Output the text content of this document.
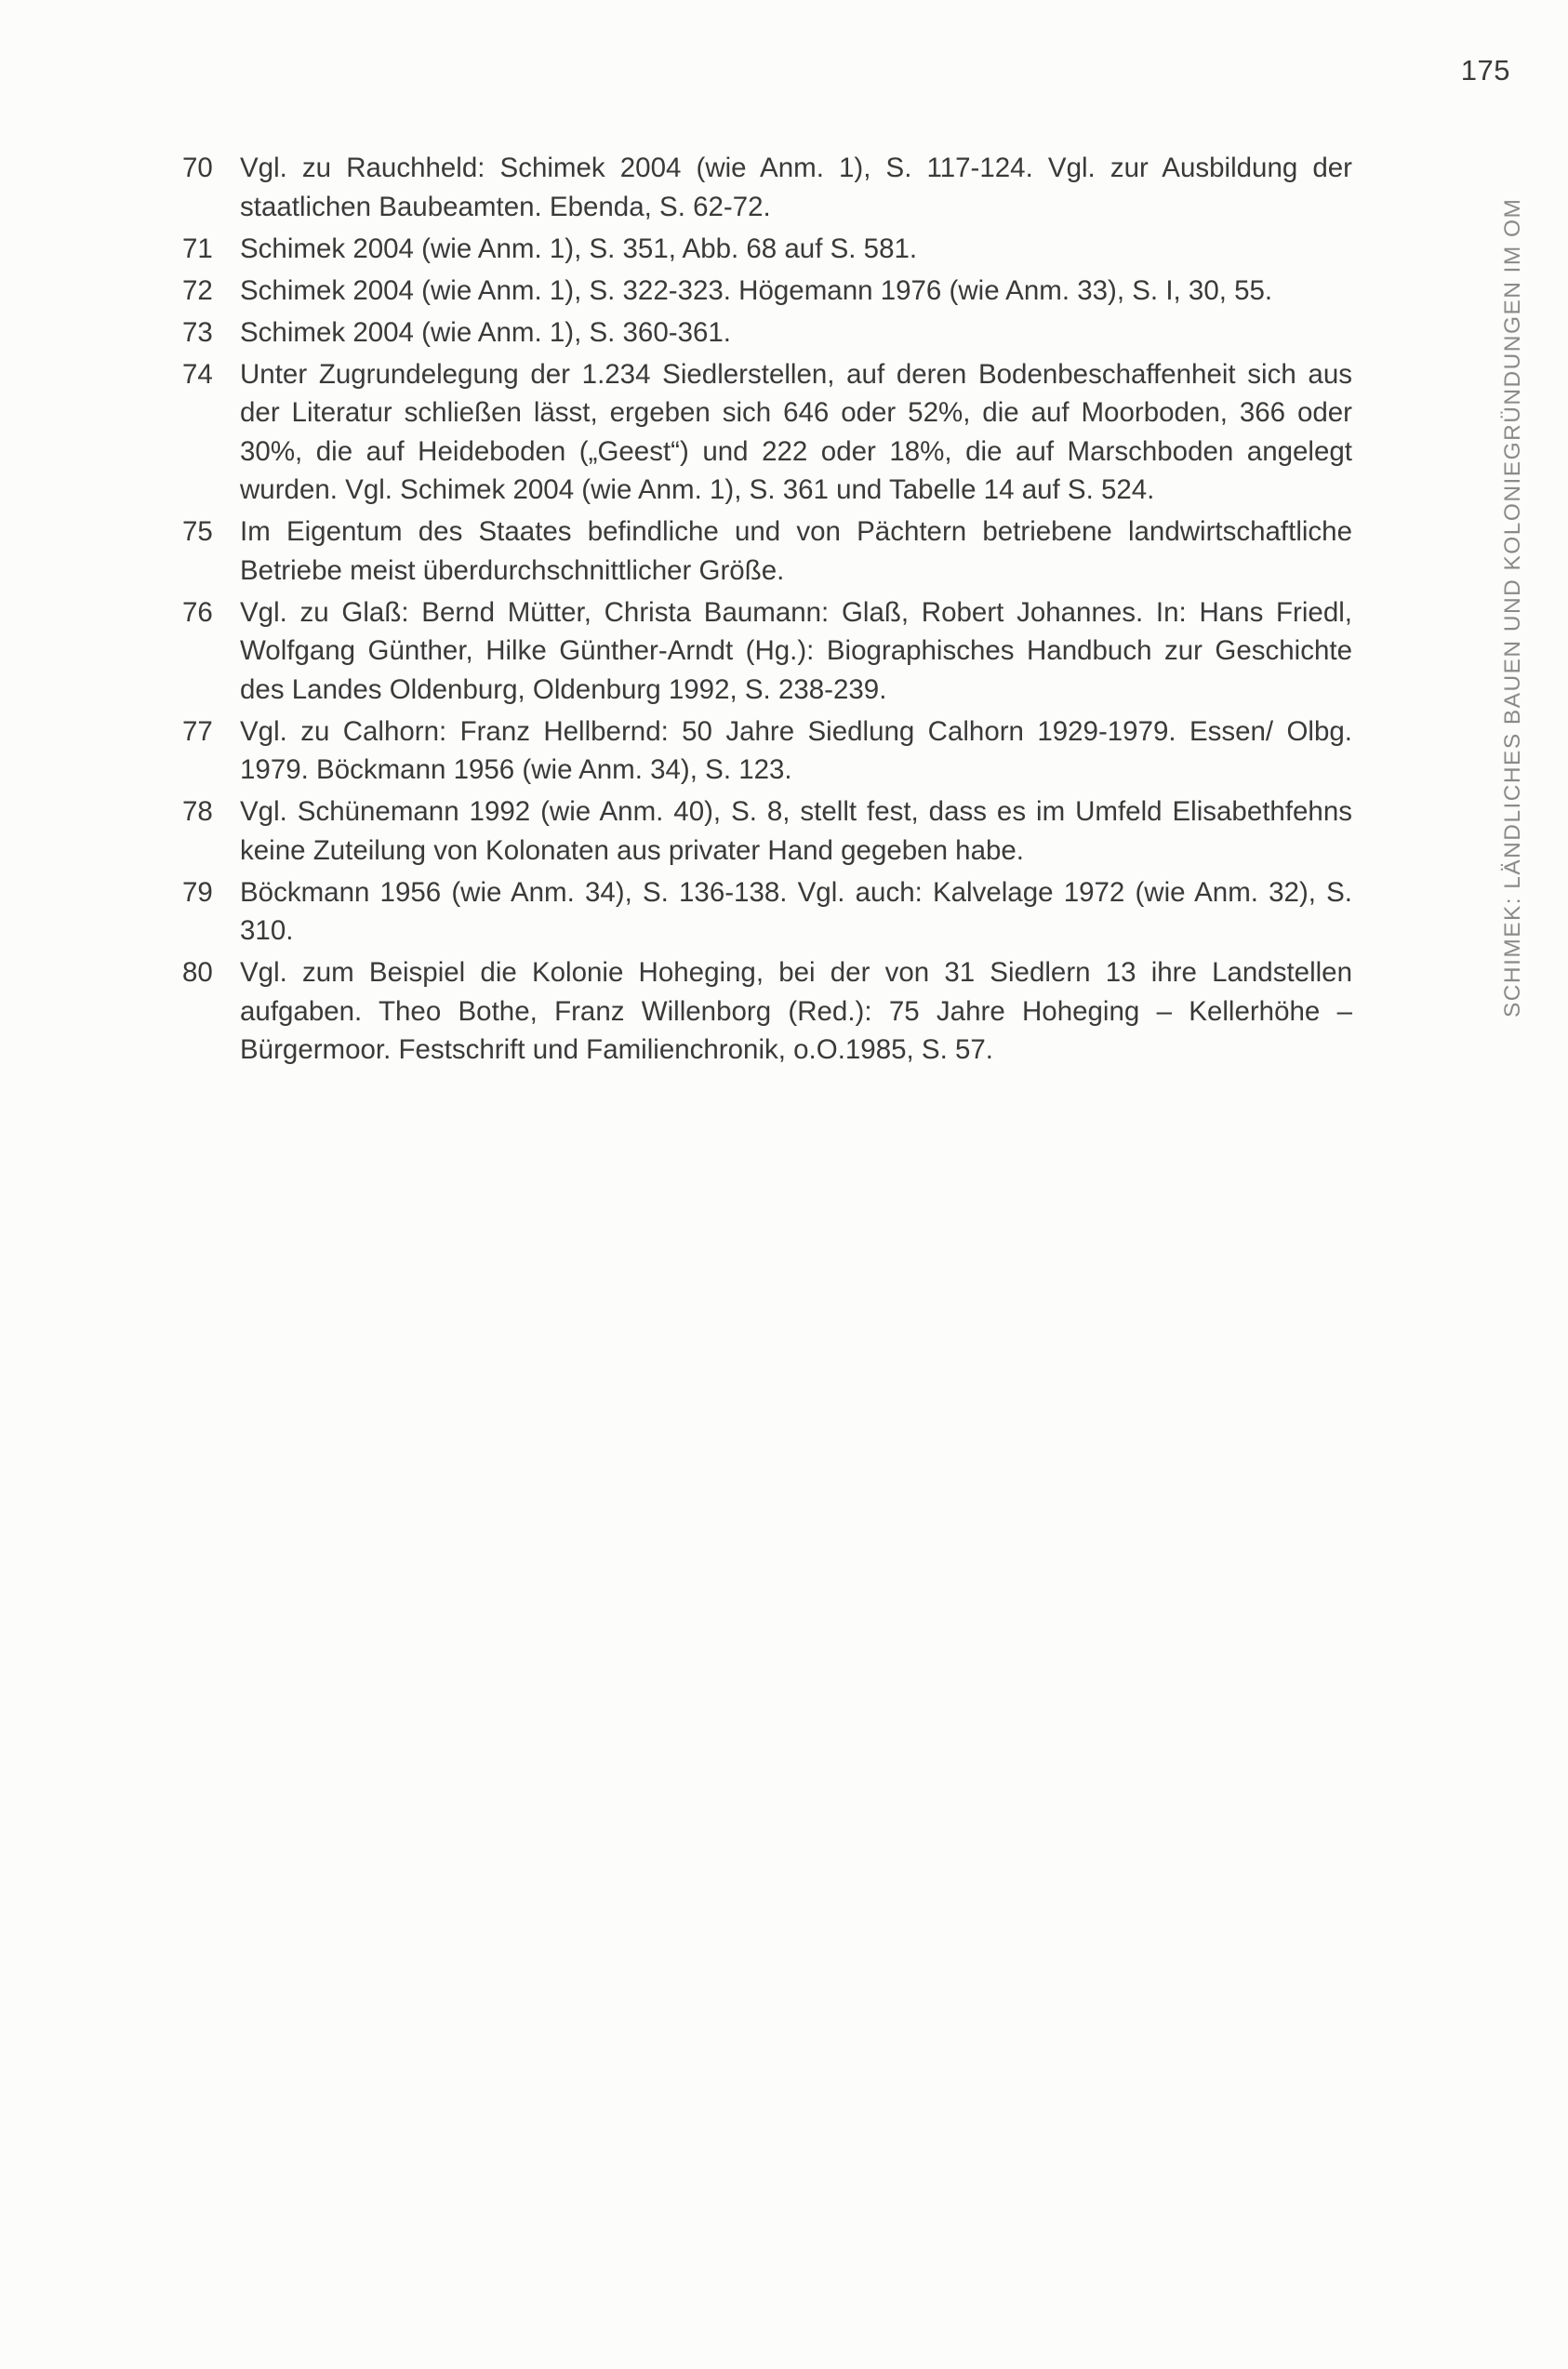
175
SCHIMEK: LÄNDLICHES BAUEN UND KOLONIEGRÜNDUNGEN IM OM
70 Vgl. zu Rauchheld: Schimek 2004 (wie Anm. 1), S. 117-124. Vgl. zur Ausbildung der staatlichen Baubeamten. Ebenda, S. 62-72.
71 Schimek 2004 (wie Anm. 1), S. 351, Abb. 68 auf S. 581.
72 Schimek 2004 (wie Anm. 1), S. 322-323. Högemann 1976 (wie Anm. 33), S. I, 30, 55.
73 Schimek 2004 (wie Anm. 1), S. 360-361.
74 Unter Zugrundelegung der 1.234 Siedlerstellen, auf deren Bodenbeschaffenheit sich aus der Literatur schließen lässt, ergeben sich 646 oder 52%, die auf Moorboden, 366 oder 30%, die auf Heideboden („Geest“) und 222 oder 18%, die auf Marschboden angelegt wurden. Vgl. Schimek 2004 (wie Anm. 1), S. 361 und Tabelle 14 auf S. 524.
75 Im Eigentum des Staates befindliche und von Pächtern betriebene landwirtschaftliche Betriebe meist überdurchschnittlicher Größe.
76 Vgl. zu Glaß: Bernd Mütter, Christa Baumann: Glaß, Robert Johannes. In: Hans Friedl, Wolfgang Günther, Hilke Günther-Arndt (Hg.): Biographisches Handbuch zur Geschichte des Landes Oldenburg, Oldenburg 1992, S. 238-239.
77 Vgl. zu Calhorn: Franz Hellbernd: 50 Jahre Siedlung Calhorn 1929-1979. Essen/ Olbg. 1979. Böckmann 1956 (wie Anm. 34), S. 123.
78 Vgl. Schünemann 1992 (wie Anm. 40), S. 8, stellt fest, dass es im Umfeld Elisabethfehns keine Zuteilung von Kolonaten aus privater Hand gegeben habe.
79 Böckmann 1956 (wie Anm. 34), S. 136-138. Vgl. auch: Kalvelage 1972 (wie Anm. 32), S. 310.
80 Vgl. zum Beispiel die Kolonie Hoheging, bei der von 31 Siedlern 13 ihre Landstellen aufgaben. Theo Bothe, Franz Willenborg (Red.): 75 Jahre Hoheging – Kellerhöhe – Bürgermoor. Festschrift und Familienchronik, o.O.1985, S. 57.
